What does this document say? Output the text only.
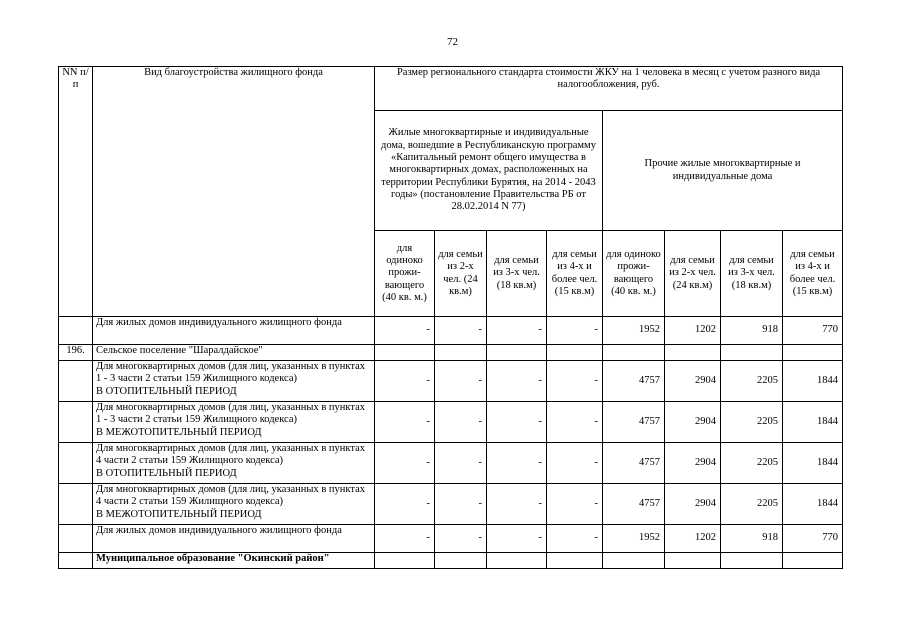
72
NN п/п	Вид благоустройства жилищного фонда	Размер регионального стандарта стоимости ЖКУ на 1 человека в месяц с учетом разного вида налогообложения, руб.							
		Жилые многоквартирные и индивидуальные дома, вошедшие в Республиканскую программу «Капитальный ремонт общего имущества в многоквартирных домах, расположенных на территории Республики Бурятия, на 2014 - 2043 годы» (постановление Правительства РБ от 28.02.2014 N 77)				Прочие жилые многоквартирные и индивидуальные дома			
		для одиноко прожи-вающего (40 кв. м.)	для семьи из 2-х чел. (24 кв.м)	для семьи из 3-х чел. (18 кв.м)	для семьи из 4-х и более чел. (15 кв.м)	для одиноко прожи-вающего (40 кв. м.)	для семьи из 2-х чел. (24 кв.м)	для семьи из 3-х чел. (18 кв.м)	для семьи из 4-х и более чел. (15 кв.м)
	Для жилых домов индивидуального жилищного фонда	-	-	-	-	1952	1202	918	770
196.	Сельское поселение "Шаралдайское"								
	Для многоквартирных домов (для лиц, указанных в пунктах 1 - 3 части 2 статьи 159 Жилищного кодекса)
В ОТОПИТЕЛЬНЫЙ ПЕРИОД	-	-	-	-	4757	2904	2205	1844
	Для многоквартирных домов (для лиц, указанных в пунктах 1 - 3 части 2 статьи 159 Жилищного кодекса)
В МЕЖОТОПИТЕЛЬНЫЙ ПЕРИОД	-	-	-	-	4757	2904	2205	1844
	Для многоквартирных домов (для лиц, указанных в пунктах 4 части 2 статьи 159 Жилищного кодекса)
В ОТОПИТЕЛЬНЫЙ ПЕРИОД	-	-	-	-	4757	2904	2205	1844
	Для многоквартирных домов (для лиц, указанных в пунктах 4 части 2 статьи 159 Жилищного кодекса)
В МЕЖОТОПИТЕЛЬНЫЙ ПЕРИОД	-	-	-	-	4757	2904	2205	1844
	Для жилых домов индивидуального жилищного фонда	-	-	-	-	1952	1202	918	770
	Муниципальное образование "Окинский район"								
